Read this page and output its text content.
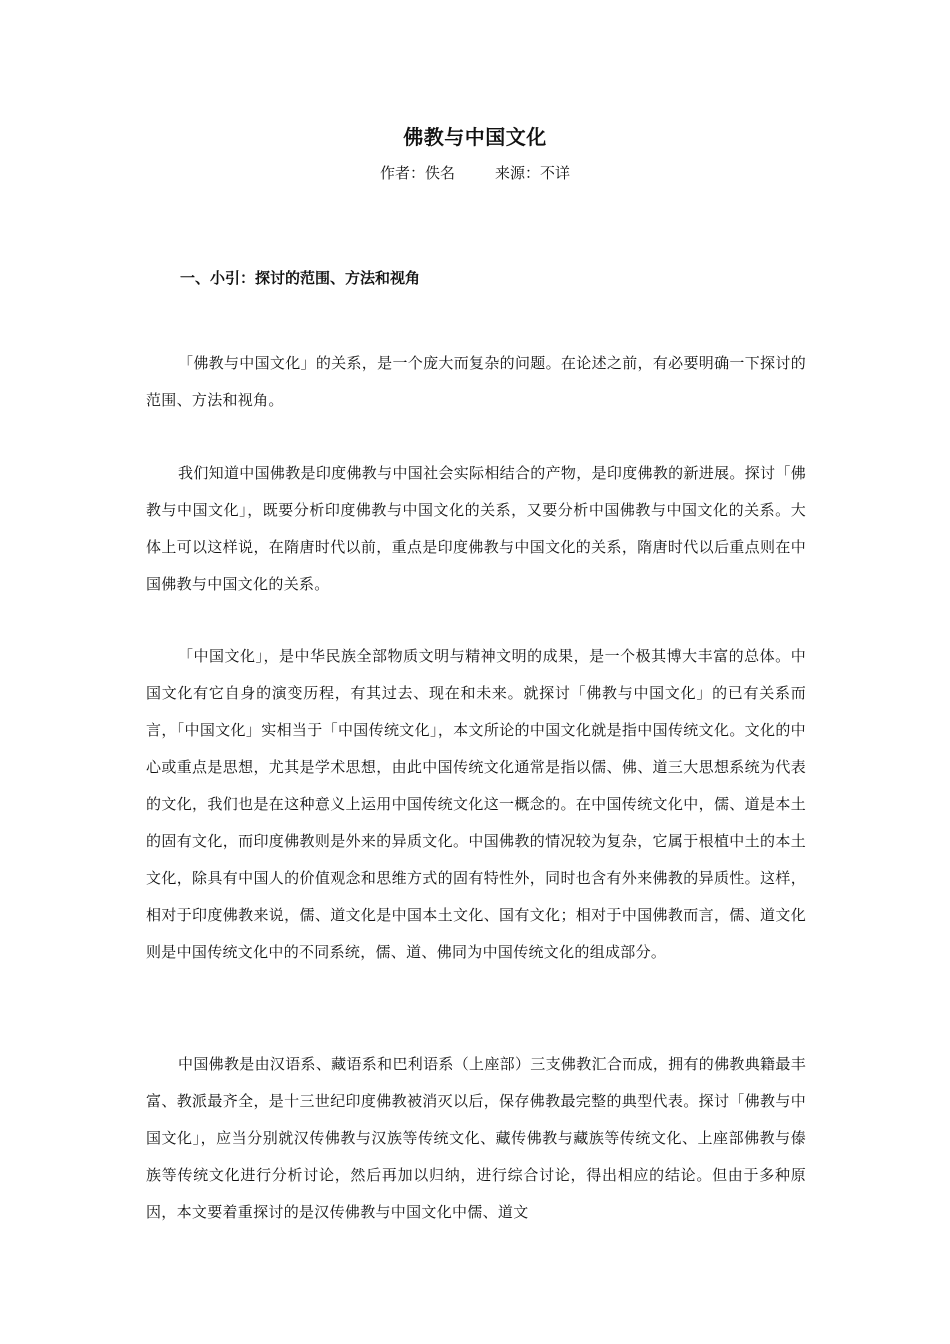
佛教与中国文化
作者：佚名	来源：不详
一、小引：探讨的范围、方法和视角

「佛教与中国文化」的关系，是一个庞大而复杂的问题。在论述之前，有必要明确一下探讨的范围、方法和视角。

我们知道中国佛教是印度佛教与中国社会实际相结合的产物，是印度佛教的新进展。探讨「佛教与中国文化」，既要分析印度佛教与中国文化的关系，又要分析中国佛教与中国文化的关系。大体上可以这样说，在隋唐时代以前，重点是印度佛教与中国文化的关系，隋唐时代以后重点则在中国佛教与中国文化的关系。

「中国文化」，是中华民族全部物质文明与精神文明的成果，是一个极其博大丰富的总体。中国文化有它自身的演变历程，有其过去、现在和未来。就探讨「佛教与中国文化」的已有关系而言，「中国文化」实相当于「中国传统文化」，本文所论的中国文化就是指中国传统文化。文化的中心或重点是思想，尤其是学术思想，由此中国传统文化通常是指以儒、佛、道三大思想系统为代表的文化，我们也是在这种意义上运用中国传统文化这一概念的。在中国传统文化中，儒、道是本土的固有文化，而印度佛教则是外来的异质文化。中国佛教的情况较为复杂，它属于根植中土的本土文化，除具有中国人的价值观念和思维方式的固有特性外，同时也含有外来佛教的异质性。这样，相对于印度佛教来说，儒、道文化是中国本土文化、国有文化；相对于中国佛教而言，儒、道文化则是中国传统文化中的不同系统，儒、道、佛同为中国传统文化的组成部分。

中国佛教是由汉语系、藏语系和巴利语系（上座部）三支佛教汇合而成，拥有的佛教典籍最丰富、教派最齐全，是十三世纪印度佛教被消灭以后，保存佛教最完整的典型代表。探讨「佛教与中国文化」，应当分别就汉传佛教与汉族等传统文化、藏传佛教与藏族等传统文化、上座部佛教与傣族等传统文化进行分析讨论，然后再加以归纳，进行综合讨论，得出相应的结论。但由于多种原因，本文要着重探讨的是汉传佛教与中国文化中儒、道文
